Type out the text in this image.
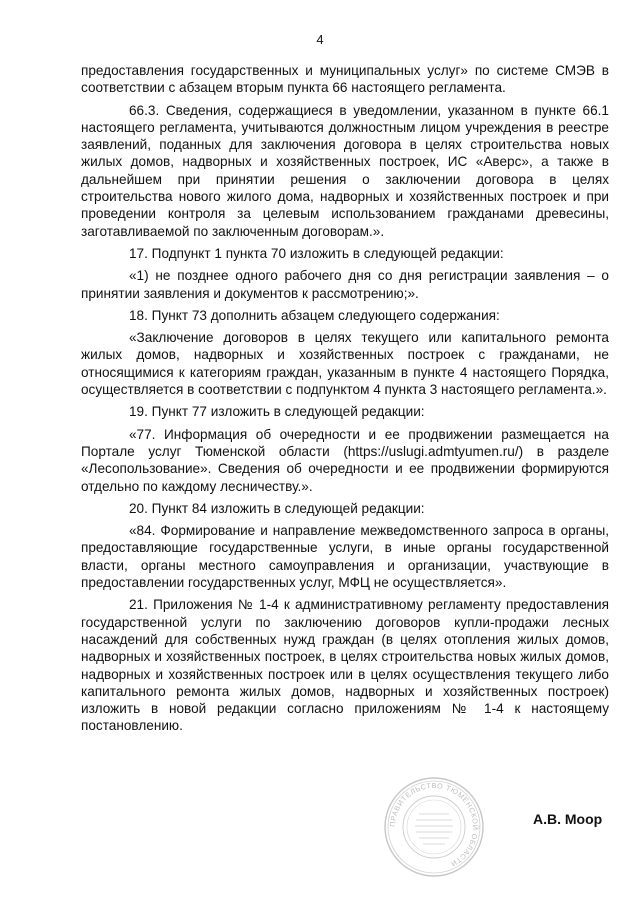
4

предоставления государственных и муниципальных услуг» по системе СМЭВ в соответствии с абзацем вторым пункта 66 настоящего регламента.

66.3. Сведения, содержащиеся в уведомлении, указанном в пункте 66.1 настоящего регламента, учитываются должностным лицом учреждения в реестре заявлений, поданных для заключения договора в целях строительства новых жилых домов, надворных и хозяйственных построек, ИС «Аверс», а также в дальнейшем при принятии решения о заключении договора в целях строительства нового жилого дома, надворных и хозяйственных построек и при проведении контроля за целевым использованием гражданами древесины, заготавливаемой по заключенным договорам.».

17. Подпункт 1 пункта 70 изложить в следующей редакции:

«1) не позднее одного рабочего дня со дня регистрации заявления – о принятии заявления и документов к рассмотрению;».

18. Пункт 73 дополнить абзацем следующего содержания:

«Заключение договоров в целях текущего или капитального ремонта жилых домов, надворных и хозяйственных построек с гражданами, не относящимися к категориям граждан, указанным в пункте 4 настоящего Порядка, осуществляется в соответствии с подпунктом 4 пункта 3 настоящего регламента.».

19. Пункт 77 изложить в следующей редакции:

«77. Информация об очередности и ее продвижении размещается на Портале услуг Тюменской области (https://uslugi.admtyumen.ru/) в разделе «Лесопользование». Сведения об очередности и ее продвижении формируются отдельно по каждому лесничеству.».

20. Пункт 84 изложить в следующей редакции:

«84. Формирование и направление межведомственного запроса в органы, предоставляющие государственные услуги, в иные органы государственной власти, органы местного самоуправления и организации, участвующие в предоставлении государственных услуг, МФЦ не осуществляется».

21. Приложения № 1-4 к административному регламенту предоставления государственной услуги по заключению договоров купли-продажи лесных насаждений для собственных нужд граждан (в целях отопления жилых домов, надворных и хозяйственных построек, в целях строительства новых жилых домов, надворных и хозяйственных построек или в целях осуществления текущего либо капитального ремонта жилых домов, надворных и хозяйственных построек) изложить в новой редакции согласно приложениям № 1-4 к настоящему постановлению.

ПРАВИТЕЛЬСТВО ТЮМЕНСКОЙ ОБЛАСТИ
А.В. Моор
